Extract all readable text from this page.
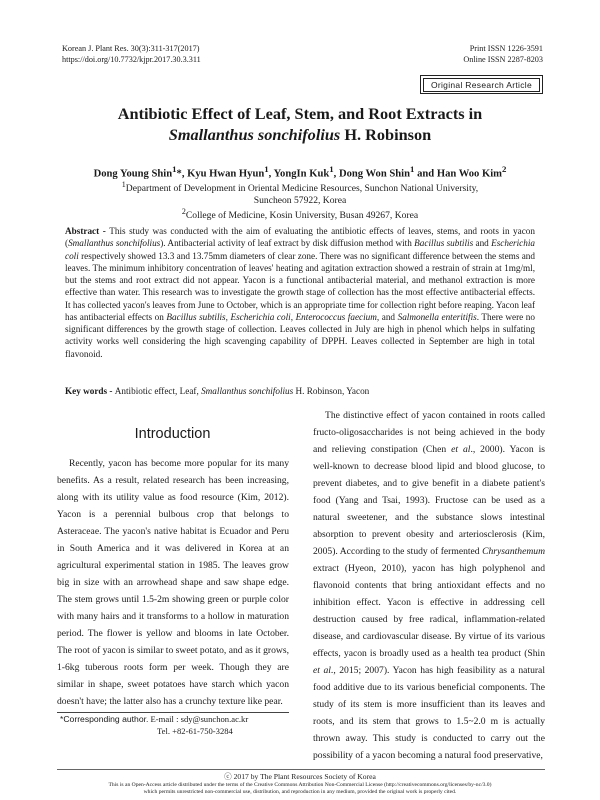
Korean J. Plant Res. 30(3):311-317(2017)
https://doi.org/10.7732/kjpr.2017.30.3.311
Print ISSN 1226-3591
Online ISSN 2287-8203
Original Research Article
Antibiotic Effect of Leaf, Stem, and Root Extracts in
Smallanthus sonchifolius H. Robinson
Dong Young Shin$^1$*, Kyu Hwan Hyun$^1$, YongIn Kuk$^1$, Dong Won Shin$^1$ and Han Woo Kim$^2$
$^1$Department of Development in Oriental Medicine Resources, Sunchon National University,
Suncheon 57922, Korea
$^2$College of Medicine, Kosin University, Busan 49267, Korea
Abstract - This study was conducted with the aim of evaluating the antibiotic effects of leaves, stems, and roots in yacon (Smallanthus sonchifolius). Antibacterial activity of leaf extract by disk diffusion method with Bacillus subtilis and Escherichia coli respectively showed 13.3 and 13.75mm diameters of clear zone. There was no significant difference between the stems and leaves. The minimum inhibitory concentration of leaves' heating and agitation extraction showed a restrain of strain at 1mg/ml, but the stems and root extract did not appear. Yacon is a functional antibacterial material, and methanol extraction is more effective than water. This research was to investigate the growth stage of collection has the most effective antibacterial effects. It has collected yacon's leaves from June to October, which is an appropriate time for collection right before reaping. Yacon leaf has antibacterial effects on Bacillus subtilis, Escherichia coli, Enterococcus faecium, and Salmonella enteritifis. There were no significant differences by the growth stage of collection. Leaves collected in July are high in phenol which helps in sulfating activity works well considering the high scavenging capability of DPPH. Leaves collected in September are high in total flavonoid.
Key words - Antibiotic effect, Leaf, Smallanthus sonchifolius H. Robinson, Yacon
Introduction
Recently, yacon has become more popular for its many benefits. As a result, related research has been increasing, along with its utility value as food resource (Kim, 2012). Yacon is a perennial bulbous crop that belongs to Asteraceae. The yacon's native habitat is Ecuador and Peru in South America and it was delivered in Korea at an agricultural experimental station in 1985. The leaves grow big in size with an arrowhead shape and saw shape edge. The stem grows until 1.5-2m showing green or purple color with many hairs and it transforms to a hollow in maturation period. The flower is yellow and blooms in late October. The root of yacon is similar to sweet potato, and as it grows, 1-6kg tuberous roots form per week. Though they are similar in shape, sweet potatoes have starch which yacon doesn't have; the latter also has a crunchy texture like pear.
The distinctive effect of yacon contained in roots called fructo-oligosaccharides is not being achieved in the body and relieving constipation (Chen et al., 2000). Yacon is well-known to decrease blood lipid and blood glucose, to prevent diabetes, and to give benefit in a diabete patient's food (Yang and Tsai, 1993). Fructose can be used as a natural sweetener, and the substance slows intestinal absorption to prevent obesity and arteriosclerosis (Kim, 2005). According to the study of fermented Chrysanthemum extract (Hyeon, 2010), yacon has high polyphenol and flavonoid contents that bring antioxidant effects and no inhibition effect. Yacon is effective in addressing cell destruction caused by free radical, inflammation-related disease, and cardiovascular disease. By virtue of its various effects, yacon is broadly used as a health tea product (Shin et al., 2015; 2007). Yacon has high feasibility as a natural food additive due to its various beneficial components. The study of its stem is more insufficient than its leaves and roots, and its stem that grows to 1.5~2.0 m is actually thrown away. This study is conducted to carry out the possibility of a yacon becoming a natural food preservative,
*Corresponding author. E-mail : sdy@sunchon.ac.kr
Tel. +82-61-750-3284
ⓒ 2017 by The Plant Resources Society of Korea
This is an Open-Access article distributed under the terms of the Creative Commons Attribution Non-Commercial License (http://creativecommons.org/licenses/by-nc/3.0)
which permits unrestricted non-commercial use, distribution, and reproduction in any medium, provided the original work is properly cited.
